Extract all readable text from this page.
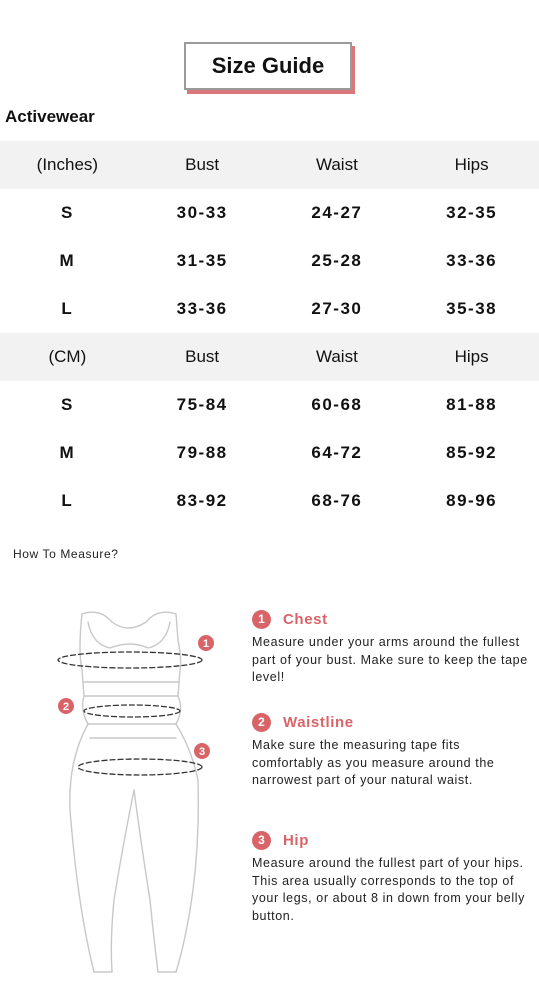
Size Guide
Activewear
(Inches)	Bust	Waist	Hips
S	30-33	24-27	32-35
M	31-35	25-28	33-36
L	33-36	27-30	35-38
(CM)	Bust	Waist	Hips
S	75-84	60-68	81-88
M	79-88	64-72	85-92
L	83-92	68-76	89-96
How To Measure?
1
2
3
1	Chest

Measure under your arms around the fullest part of your bust. Make sure to keep the tape level!

2	Waistline

Make sure the measuring tape fits comfortably as you measure around the narrowest part of your natural waist.

3	Hip

Measure around the fullest part of your hips. This area usually corresponds to the top of your legs, or about 8 in down from your belly button.
